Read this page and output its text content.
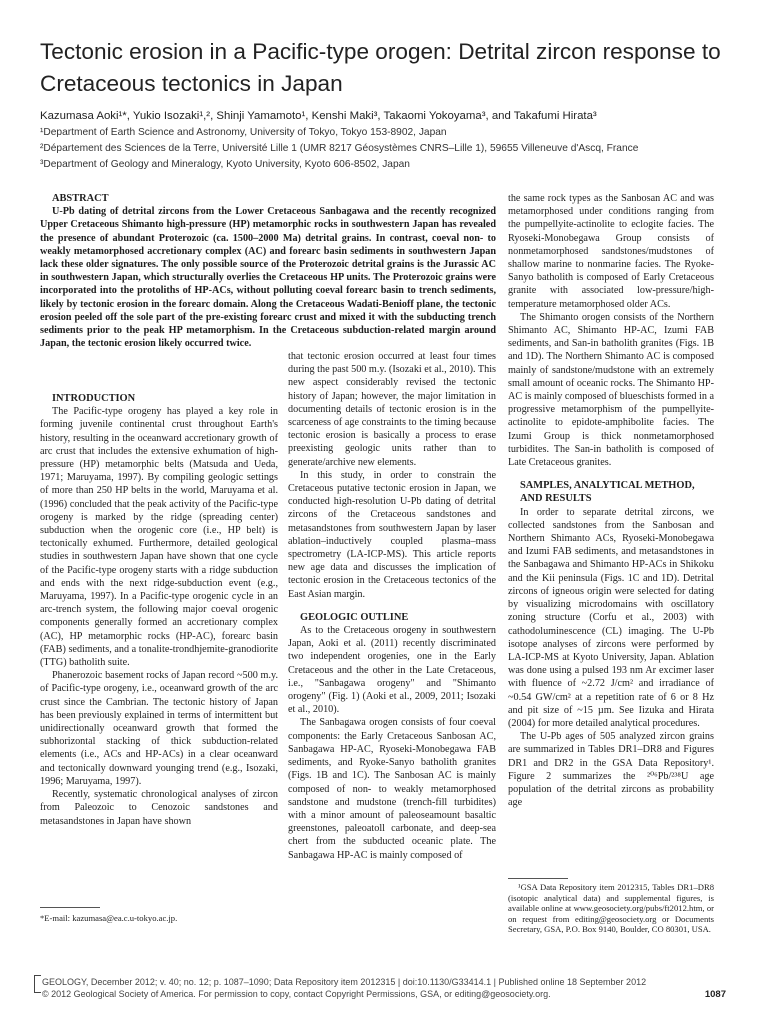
Tectonic erosion in a Pacific-type orogen: Detrital zircon response to Cretaceous tectonics in Japan
Kazumasa Aoki¹*, Yukio Isozaki¹,², Shinji Yamamoto¹, Kenshi Maki³, Takaomi Yokoyama³, and Takafumi Hirata³
¹Department of Earth Science and Astronomy, University of Tokyo, Tokyo 153-8902, Japan
²Département des Sciences de la Terre, Université Lille 1 (UMR 8217 Géosystèmes CNRS–Lille 1), 59655 Villeneuve d'Ascq, France
³Department of Geology and Mineralogy, Kyoto University, Kyoto 606-8502, Japan

ABSTRACT

U-Pb dating of detrital zircons from the Lower Cretaceous Sanbagawa and the recently recognized Upper Cretaceous Shimanto high-pressure (HP) metamorphic rocks in southwestern Japan has revealed the presence of abundant Proterozoic (ca. 1500–2000 Ma) detrital grains. In contrast, coeval non- to weakly metamorphosed accretionary complex (AC) and forearc basin sediments in southwestern Japan lack these older signatures. The only possible source of the Proterozoic detrital grains is the Jurassic AC in southwestern Japan, which structurally overlies the Cretaceous HP units. The Proterozoic grains were incorporated into the protoliths of HP-ACs, without polluting coeval forearc basin to trench sediments, likely by tectonic erosion in the forearc domain. Along the Cretaceous Wadati-Benioff plane, the tectonic erosion peeled off the sole part of the pre-existing forearc crust and mixed it with the subducting trench sediments prior to the peak HP metamorphism. In the Cretaceous subduction-related margin around Japan, the tectonic erosion likely occurred twice.

INTRODUCTION

The Pacific-type orogeny has played a key role in forming juvenile continental crust throughout Earth's history, resulting in the oceanward accretionary growth of arc crust that includes the extensive exhumation of high-pressure (HP) metamorphic belts (Matsuda and Ueda, 1971; Maruyama, 1997). By compiling geologic settings of more than 250 HP belts in the world, Maruyama et al. (1996) concluded that the peak activity of the Pacific-type orogeny is marked by the ridge (spreading center) subduction when the orogenic core (i.e., HP belt) is tectonically exhumed. Furthermore, detailed geological studies in southwestern Japan have shown that one cycle of the Pacific-type orogeny starts with a ridge subduction and ends with the next ridge-subduction event (e.g., Maruyama, 1997). In a Pacific-type orogenic cycle in an arc-trench system, the following major coeval orogenic components generally formed an accretionary complex (AC), HP metamorphic rocks (HP-AC), forearc basin (FAB) sediments, and a tonalite-trondhjemite-granodiorite (TTG) batholith suite.

Phanerozoic basement rocks of Japan record ~500 m.y. of Pacific-type orogeny, i.e., oceanward growth of the arc crust since the Cambrian. The tectonic history of Japan has been previously explained in terms of intermittent but unidirectionally oceanward growth that formed the subhorizontal stacking of thick subduction-related elements (i.e., ACs and HP-ACs) in a clear oceanward and tectonically downward younging trend (e.g., Isozaki, 1996; Maruyama, 1997).

Recently, systematic chronological analyses of zircon from Paleozoic to Cenozoic sandstones and metasandstones in Japan have shown

*E-mail: kazumasa@ea.c.u-tokyo.ac.jp.

that tectonic erosion occurred at least four times during the past 500 m.y. (Isozaki et al., 2010). This new aspect considerably revised the tectonic history of Japan; however, the major limitation in documenting details of tectonic erosion is in the scarceness of age constraints to the timing because tectonic erosion is basically a process to erase preexisting geologic units rather than to generate/archive new elements.

In this study, in order to constrain the Cretaceous putative tectonic erosion in Japan, we conducted high-resolution U-Pb dating of detrital zircons of the Cretaceous sandstones and metasandstones from southwestern Japan by laser ablation–inductively coupled plasma–mass spectrometry (LA-ICP-MS). This article reports new age data and discusses the implication of tectonic erosion in the Cretaceous tectonics of the East Asian margin.

GEOLOGIC OUTLINE

As to the Cretaceous orogeny in southwestern Japan, Aoki et al. (2011) recently discriminated two independent orogenies, one in the Early Cretaceous and the other in the Late Cretaceous, i.e., "Sanbagawa orogeny" and "Shimanto orogeny" (Fig. 1) (Aoki et al., 2009, 2011; Isozaki et al., 2010).

The Sanbagawa orogen consists of four coeval components: the Early Cretaceous Sanbosan AC, Sanbagawa HP-AC, Ryoseki-Monobegawa FAB sediments, and Ryoke-Sanyo batholith granites (Figs. 1B and 1C). The Sanbosan AC is mainly composed of non- to weakly metamorphosed sandstone and mudstone (trench-fill turbidites) with a minor amount of paleoseamount basaltic greenstones, paleoatoll carbonate, and deep-sea chert from the subducted oceanic plate. The Sanbagawa HP-AC is mainly composed of

the same rock types as the Sanbosan AC and was metamorphosed under conditions ranging from the pumpellyite-actinolite to eclogite facies. The Ryoseki-Monobegawa Group consists of nonmetamorphosed sandstones/mudstones of shallow marine to nonmarine facies. The Ryoke-Sanyo batholith is composed of Early Cretaceous granite with associated low-pressure/high-temperature metamorphosed older ACs.

The Shimanto orogen consists of the Northern Shimanto AC, Shimanto HP-AC, Izumi FAB sediments, and San-in batholith granites (Figs. 1B and 1D). The Northern Shimanto AC is composed mainly of sandstone/mudstone with an extremely small amount of oceanic rocks. The Shimanto HP-AC is mainly composed of blueschists formed in a progressive metamorphism of the pumpellyite-actinolite to epidote-amphibolite facies. The Izumi Group is thick nonmetamorphosed turbidites. The San-in batholith is composed of Late Cretaceous granites.

SAMPLES, ANALYTICAL METHOD,

AND RESULTS

In order to separate detrital zircons, we collected sandstones from the Sanbosan and Northern Shimanto ACs, Ryoseki-Monobegawa and Izumi FAB sediments, and metasandstones in the Sanbagawa and Shimanto HP-ACs in Shikoku and the Kii peninsula (Figs. 1C and 1D). Detrital zircons of igneous origin were selected for dating by visualizing microdomains with oscillatory zoning structure (Corfu et al., 2003) with cathodoluminescence (CL) imaging. The U-Pb isotope analyses of zircons were performed by LA-ICP-MS at Kyoto University, Japan. Ablation was done using a pulsed 193 nm Ar excimer laser with fluence of ~2.72 J/cm² and irradiance of ~0.54 GW/cm² at a repetition rate of 6 or 8 Hz and pit size of ~15 µm. See Iizuka and Hirata (2004) for more detailed analytical procedures.

The U-Pb ages of 505 analyzed zircon grains are summarized in Tables DR1–DR8 and Figures DR1 and DR2 in the GSA Data Repository¹. Figure 2 summarizes the ²⁰⁶Pb/²³⁸U age population of the detrital zircons as probability age

¹GSA Data Repository item 2012315, Tables DR1–DR8 (isotopic analytical data) and supplemental figures, is available online at www.geosociety.org/pubs/ft2012.htm, or on request from editing@geosociety.org or Documents Secretary, GSA, P.O. Box 9140, Boulder, CO 80301, USA.

GEOLOGY, December 2012; v. 40; no. 12; p. 1087–1090; Data Repository item 2012315 | doi:10.1130/G33414.1 | Published online 18 September 2012
© 2012 Geological Society of America. For permission to copy, contact Copyright Permissions, GSA, or editing@geosociety.org.	1087
